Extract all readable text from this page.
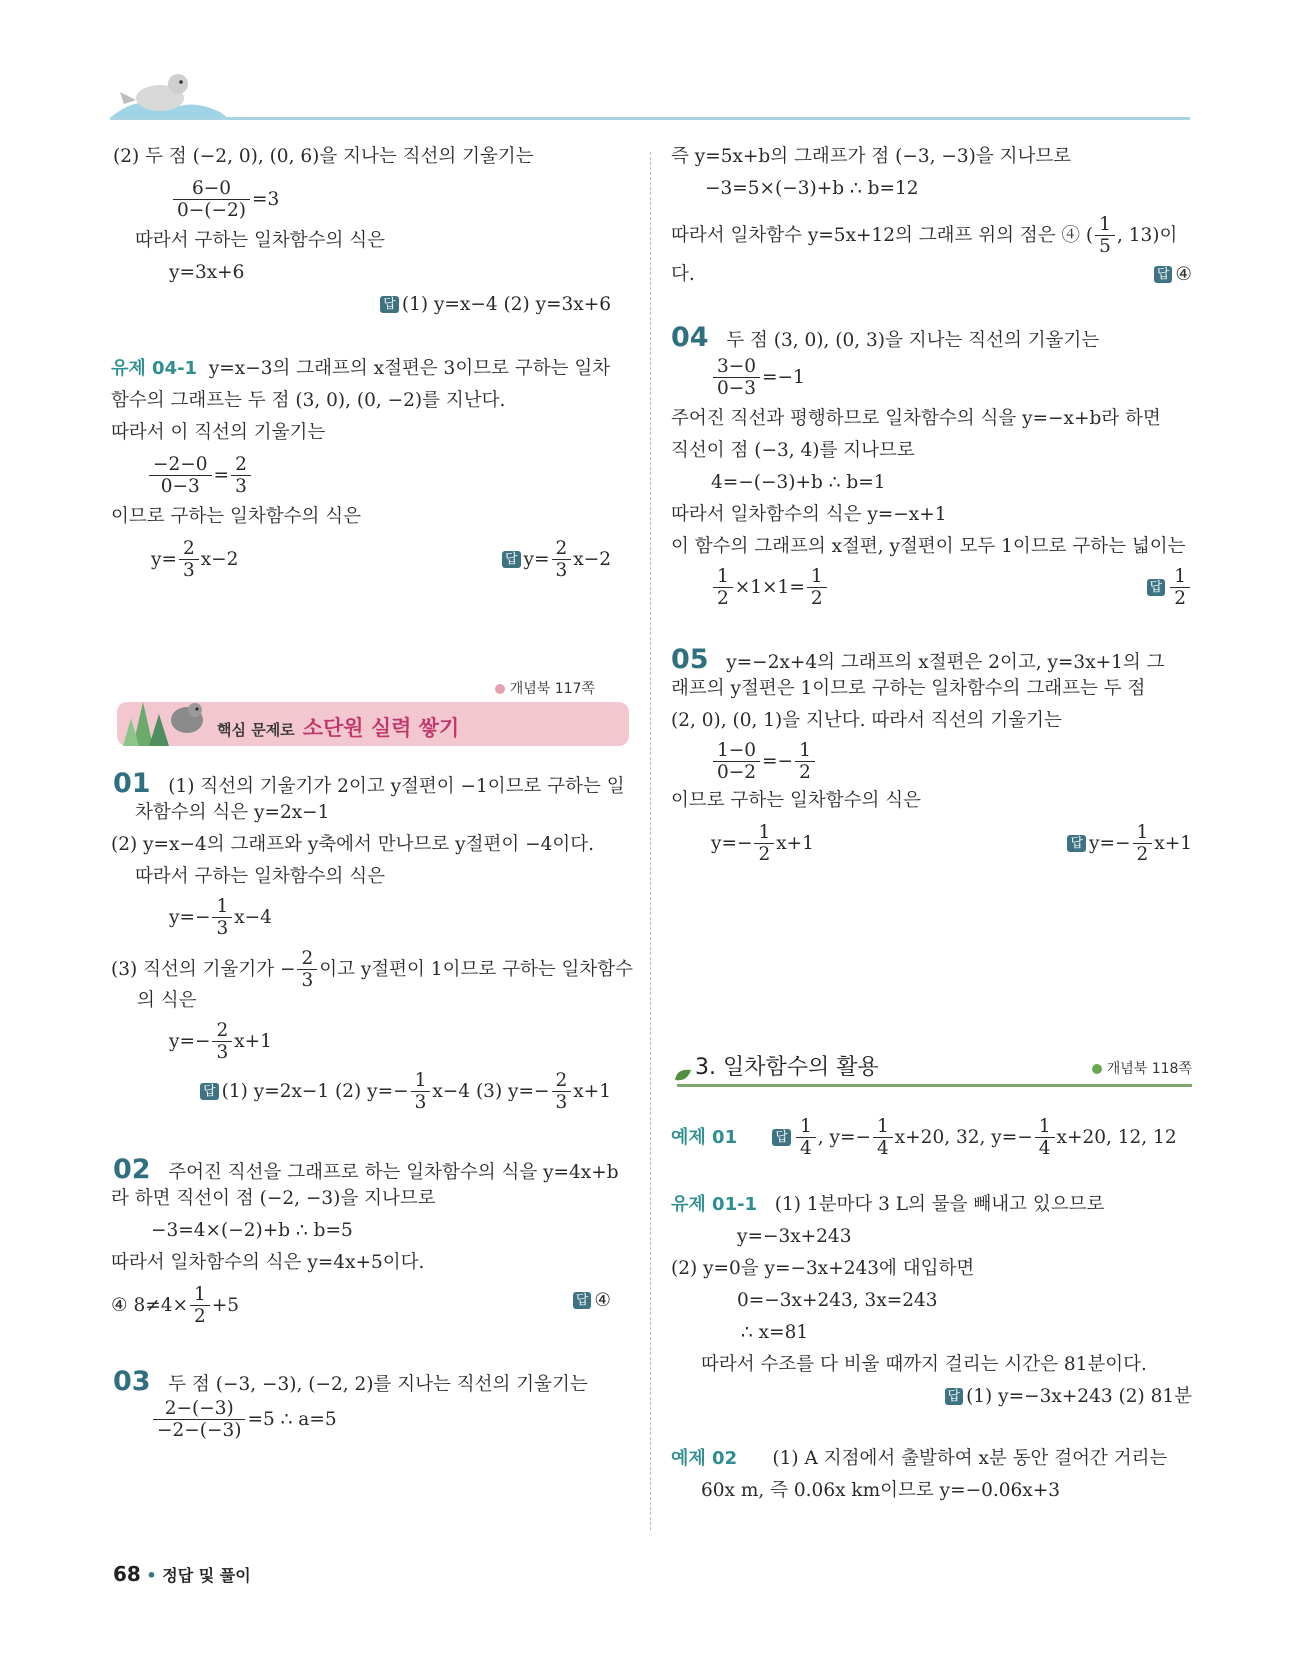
(2) 두 점 (−2, 0), (0, 6)을 지나는 직선의 기울기는
$\frac{6-0}{0-(-2)} =3$
따라서 구하는 일차함수의 식은
y=3x+6
답 (1) y=x−4 (2) y=3x+6
유제 04-1 y=x−3의 그래프의 x절편은 3이므로 구하는 일차
함수의 그래프는 두 점 (3, 0), (0, −2)를 지난다.
따라서 이 직선의 기울기는
$\frac{-2-0}{0-3} = \frac{2}{3}$
이므로 구하는 일차함수의 식은
$y= \frac{2}{3} x-2$	답 $y= \frac{2}{3} x-2$
개념북 117쪽
핵심 문제로 소단원 실력 쌓기
01 (1) 직선의 기울기가 2이고 y절편이 −1이므로 구하는 일
차함수의 식은 y=2x−1
(2) y=x−4의 그래프와 y축에서 만나므로 y절편이 −4이다.
따라서 구하는 일차함수의 식은
$y=- \frac{1}{3} x-4$
(3) 직선의 기울기가 − $\frac{2}{3}$ 이고 y절편이 1이므로 구하는 일차함수
의 식은
$y=- \frac{2}{3} x+1$
답 (1) y=2x−1 (2) $y=- \frac{1}{3} x-4$ (3) $y=- \frac{2}{3} x+1$
02 주어진 직선을 그래프로 하는 일차함수의 식을 y=4x+b
라 하면 직선이 점 (−2, −3)을 지나므로
−3=4×(−2)+b ∴ b=5
따라서 일차함수의 식은 y=4x+5이다.
④ $8\ne 4\times \frac{1}{2} +5$	답 ④
03 두 점 (−3, −3), (−2, 2)를 지나는 직선의 기울기는
$\frac{2-(-3)}{-2-(-3)} =5$ ∴ a=5
즉 y=5x+b의 그래프가 점 (−3, −3)을 지나므로
−3=5×(−3)+b ∴ b=12
따라서 일차함수 y=5x+12의 그래프 위의 점은 ④ ( $\frac{1}{5}$ , 13)이
다.	답 ④
04 두 점 (3, 0), (0, 3)을 지나는 직선의 기울기는
$\frac{3-0}{0-3} =-1$
주어진 직선과 평행하므로 일차함수의 식을 y=−x+b라 하면
직선이 점 (−3, 4)를 지나므로
4=−(−3)+b ∴ b=1
따라서 일차함수의 식은 y=−x+1
이 함수의 그래프의 x절편, y절편이 모두 1이므로 구하는 넓이는
$\frac{1}{2} \times 1\times 1= \frac{1}{2}$	답 $\frac{1}{2}$
05 y=−2x+4의 그래프의 x절편은 2이고, y=3x+1의 그
래프의 y절편은 1이므로 구하는 일차함수의 그래프는 두 점
(2, 0), (0, 1)을 지난다. 따라서 직선의 기울기는
$\frac{1-0}{0-2} =- \frac{1}{2}$
이므로 구하는 일차함수의 식은
$y=- \frac{1}{2} x+1$	답 $y=- \frac{1}{2} x+1$
3. 일차함수의 활용	개념북 118쪽
예제 01	답 $\frac{1}{4}$ , $y=- \frac{1}{4} x+20$, 32, $y=- \frac{1}{4} x+20$, 12, 12
유제 01-1 (1) 1분마다 3 L의 물을 빼내고 있으므로
y=−3x+243
(2) y=0을 y=−3x+243에 대입하면
0=−3x+243, 3x=243
∴ x=81
따라서 수조를 다 비울 때까지 걸리는 시간은 81분이다.
답 (1) y=−3x+243 (2) 81분
예제 02 (1) A 지점에서 출발하여 x분 동안 걸어간 거리는
60x m, 즉 0.06x km이므로 y=−0.06x+3
68 • 정답 및 풀이
